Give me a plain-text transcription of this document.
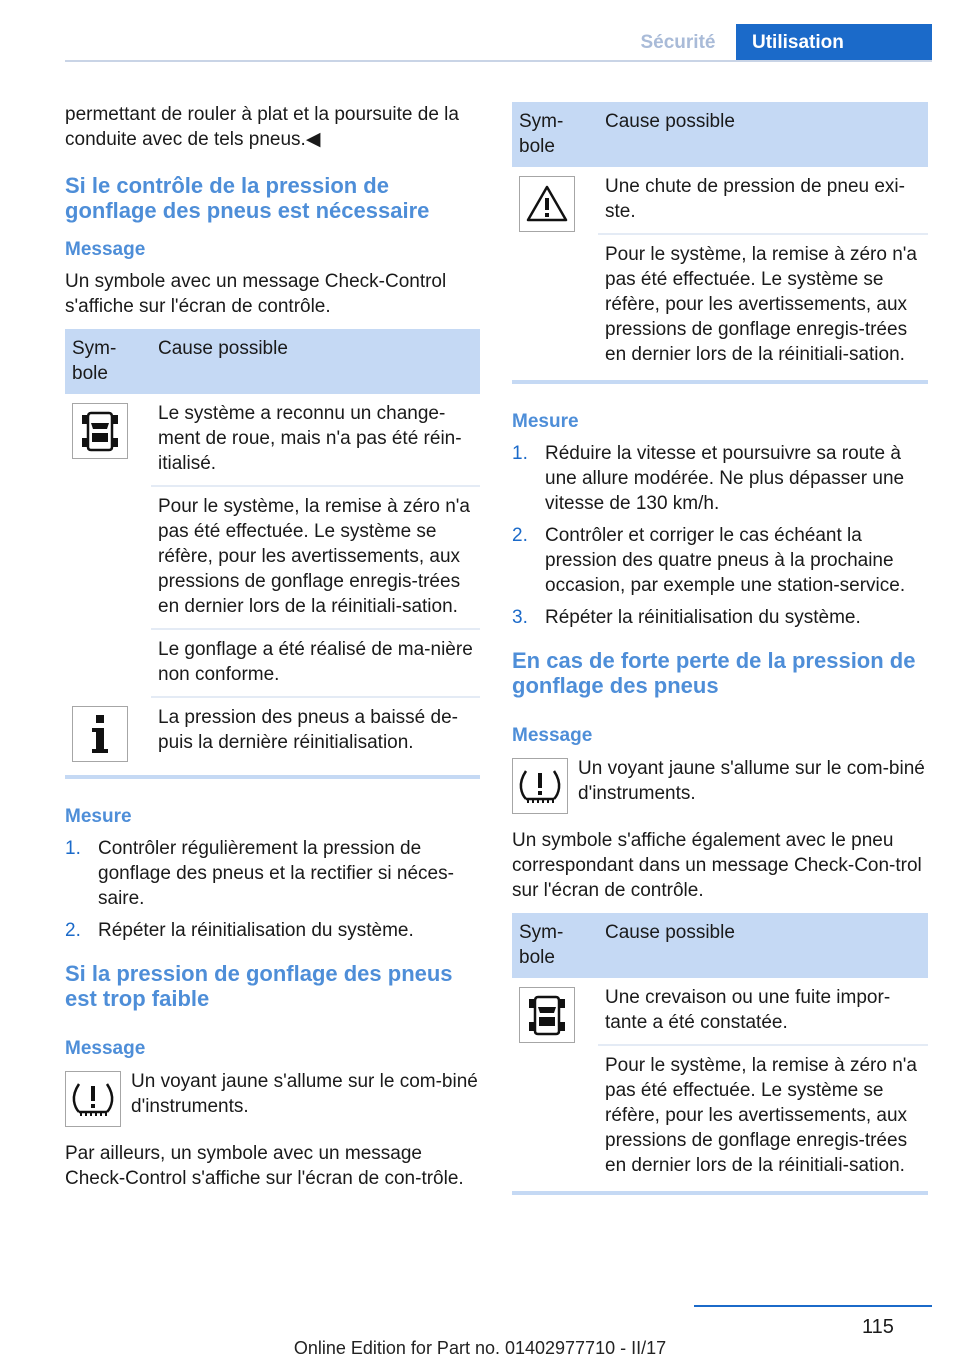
Sécurité	Utilisation

permettant de rouler à plat et la poursuite de la conduite avec de tels pneus.◀

Si le contrôle de la pression de gonflage des pneus est nécessaire
Message

Un symbole avec un message Check-Control s'affiche sur l'écran de contrôle.

Sym-bole	Cause possible

	Le système a reconnu un change-ment de roue, mais n'a pas été réin-itialisé.
	Pour le système, la remise à zéro n'a pas été effectuée. Le système se réfère, pour les avertissements, aux pressions de gonflage enregis-trées en dernier lors de la réinitiali-sation.
	Le gonflage a été réalisé de ma-nière non conforme.

	La pression des pneus a baissé de-puis la dernière réinitialisation.
Mesure
1. Contrôler régulièrement la pression de gonflage des pneus et la rectifier si néces-saire.
2. Répéter la réinitialisation du système.
Si la pression de gonflage des pneus est trop faible
Message

Un voyant jaune s'allume sur le com-biné d'instruments.

Par ailleurs, un symbole avec un message Check-Control s'affiche sur l'écran de con-trôle.

Sym-bole	Cause possible

	Une chute de pression de pneu exi-ste.
	Pour le système, la remise à zéro n'a pas été effectuée. Le système se réfère, pour les avertissements, aux pressions de gonflage enregis-trées en dernier lors de la réinitiali-sation.
Mesure
1. Réduire la vitesse et poursuivre sa route à une allure modérée. Ne plus dépasser une vitesse de 130 km/h.
2. Contrôler et corriger le cas échéant la pression des quatre pneus à la prochaine occasion, par exemple une station-service.
3. Répéter la réinitialisation du système.
En cas de forte perte de la pression de gonflage des pneus
Message

Un voyant jaune s'allume sur le com-biné d'instruments.

Un symbole s'affiche également avec le pneu correspondant dans un message Check-Con-trol sur l'écran de contrôle.

Sym-bole	Cause possible

	Une crevaison ou une fuite impor-tante a été constatée.
	Pour le système, la remise à zéro n'a pas été effectuée. Le système se réfère, pour les avertissements, aux pressions de gonflage enregis-trées en dernier lors de la réinitiali-sation.
115
Online Edition for Part no. 01402977710 - II/17
